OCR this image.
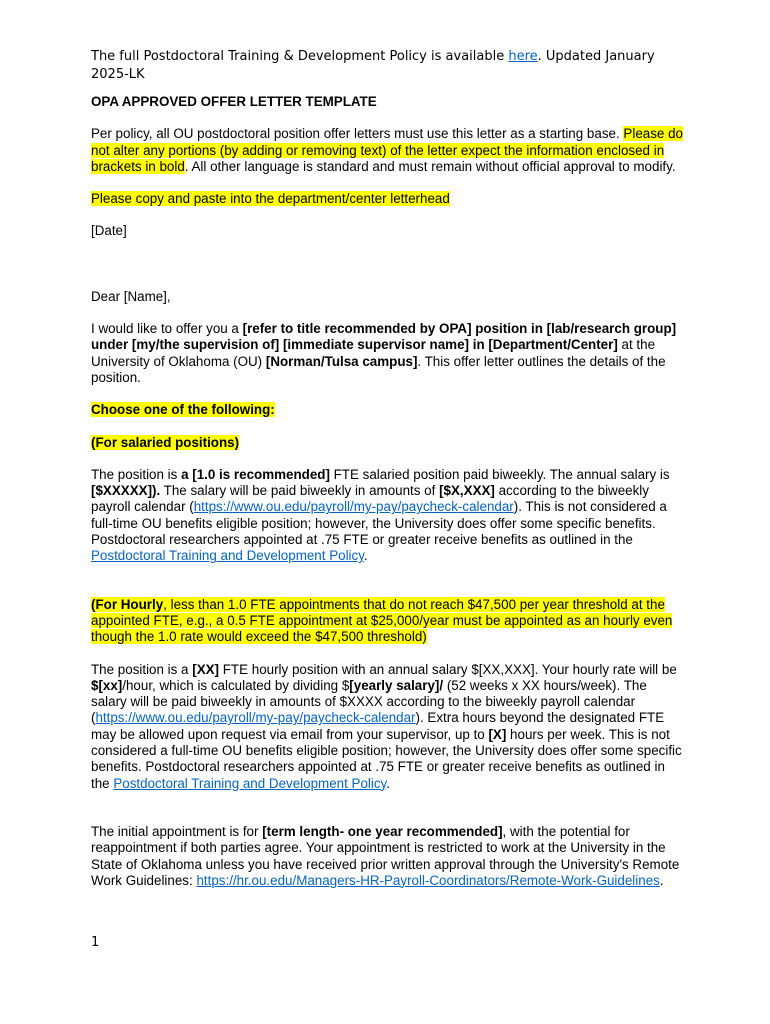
The full Postdoctoral Training & Development Policy is available here. Updated January 2025-LK

OPA APPROVED OFFER LETTER TEMPLATE

Per policy, all OU postdoctoral position offer letters must use this letter as a starting base. Please do not alter any portions (by adding or removing text) of the letter expect the information enclosed in brackets in bold. All other language is standard and must remain without official approval to modify.

Please copy and paste into the department/center letterhead

[Date]

Dear [Name],

I would like to offer you a [refer to title recommended by OPA] position in [lab/research group] under [my/the supervision of] [immediate supervisor name] in [Department/Center] at the University of Oklahoma (OU) [Norman/Tulsa campus]. This offer letter outlines the details of the position.

Choose one of the following:

(For salaried positions)

The position is a [1.0 is recommended] FTE salaried position paid biweekly. The annual salary is [$XXXXX]). The salary will be paid biweekly in amounts of [$X,XXX] according to the biweekly payroll calendar (https://www.ou.edu/payroll/my-pay/paycheck-calendar). This is not considered a full-time OU benefits eligible position; however, the University does offer some specific benefits. Postdoctoral researchers appointed at .75 FTE or greater receive benefits as outlined in the Postdoctoral Training and Development Policy.

(For Hourly, less than 1.0 FTE appointments that do not reach $47,500 per year threshold at the appointed FTE, e.g., a 0.5 FTE appointment at $25,000/year must be appointed as an hourly even though the 1.0 rate would exceed the $47,500 threshold)

The position is a [XX] FTE hourly position with an annual salary $[XX,XXX]. Your hourly rate will be $[xx]/hour, which is calculated by dividing $[yearly salary]/ (52 weeks x XX hours/week). The salary will be paid biweekly in amounts of $XXXX according to the biweekly payroll calendar (https://www.ou.edu/payroll/my-pay/paycheck-calendar). Extra hours beyond the designated FTE may be allowed upon request via email from your supervisor, up to [X] hours per week. This is not considered a full-time OU benefits eligible position; however, the University does offer some specific benefits. Postdoctoral researchers appointed at .75 FTE or greater receive benefits as outlined in the Postdoctoral Training and Development Policy.

The initial appointment is for [term length- one year recommended], with the potential for reappointment if both parties agree. Your appointment is restricted to work at the University in the State of Oklahoma unless you have received prior written approval through the University's Remote Work Guidelines: https://hr.ou.edu/Managers-HR-Payroll-Coordinators/Remote-Work-Guidelines.

1
